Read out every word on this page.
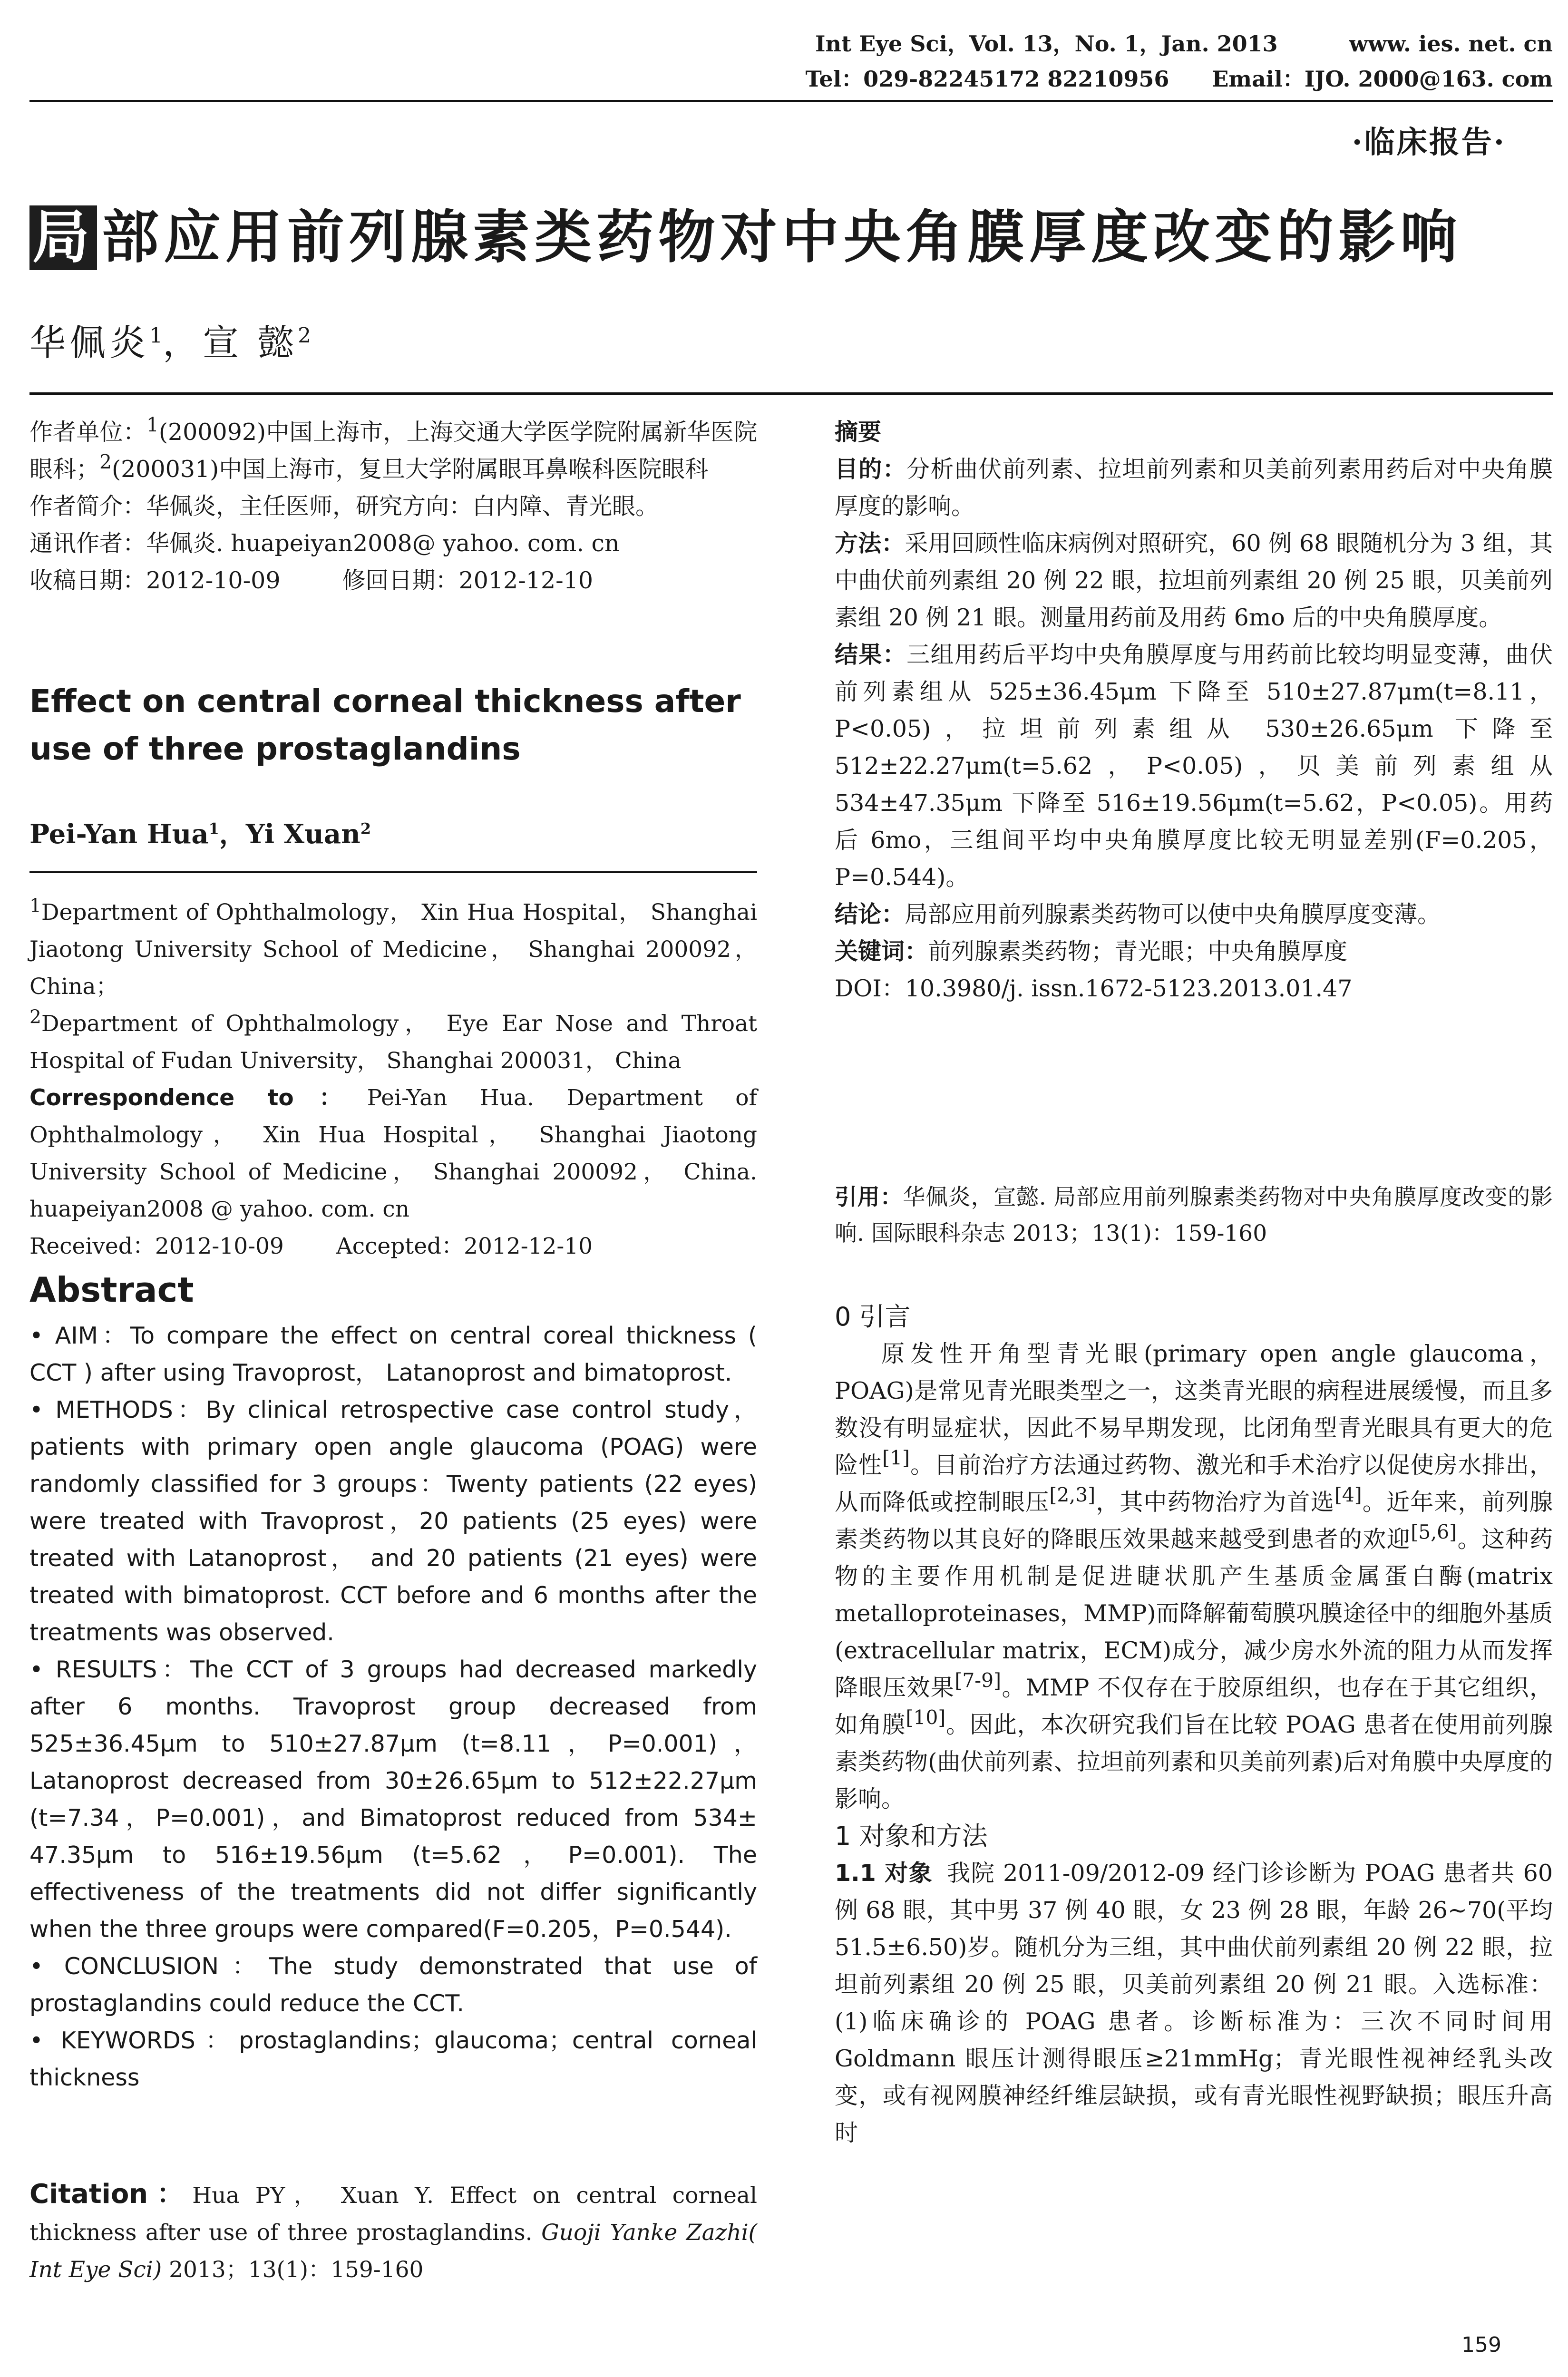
Int Eye Sci，Vol. 13，No. 1，Jan. 2013	www. ies. net. cn
Tel：029-82245172 82210956 Email：IJO. 2000@163. com
·临床报告·
局 部应用前列腺素类药物对中央角膜厚度改变的影响
华佩炎$^1$，宣 懿$^2$
作者单位：$^1$(200092)中国上海市，上海交通大学医学院附属新华医院眼科；$^2$(200031)中国上海市，复旦大学附属眼耳鼻喉科医院眼科
作者简介：华佩炎，主任医师，研究方向：白内障、青光眼。
通讯作者：华佩炎. huapeiyan2008@ yahoo. com. cn
收稿日期：2012-10-09	修回日期：2012-12-10
Effect on central corneal thickness after use of three prostaglandins
Pei-Yan Hua$^1$，Yi Xuan$^2$
$^1$Department of Ophthalmology， Xin Hua Hospital， Shanghai Jiaotong University School of Medicine， Shanghai 200092， China；
$^2$Department of Ophthalmology， Eye Ear Nose and Throat Hospital of Fudan University， Shanghai 200031， China
Correspondence to：Pei-Yan Hua. Department of Ophthalmology， Xin Hua Hospital， Shanghai Jiaotong University School of Medicine， Shanghai 200092， China. huapeiyan2008 @ yahoo. com. cn
Received：2012-10-09 Accepted：2012-12-10
Abstract

• AIM：To compare the effect on central coreal thickness ( CCT ) after using Travoprost， Latanoprost and bimatoprost.

• METHODS：By clinical retrospective case control study， patients with primary open angle glaucoma (POAG) were randomly classified for 3 groups：Twenty patients (22 eyes) were treated with Travoprost，20 patients (25 eyes) were treated with Latanoprost， and 20 patients (21 eyes) were treated with bimatoprost. CCT before and 6 months after the treatments was observed.

• RESULTS：The CCT of 3 groups had decreased markedly after 6 months. Travoprost group decreased from 525±36.45μm to 510±27.87μm (t=8.11，P=0.001)，Latanoprost decreased from 30±26.65μm to 512±22.27μm (t=7.34，P=0.001)，and Bimatoprost reduced from 534± 47.35μm to 516±19.56μm (t=5.62，P=0.001). The effectiveness of the treatments did not differ significantly when the three groups were compared(F=0.205，P=0.544).

• CONCLUSION：The study demonstrated that use of prostaglandins could reduce the CCT.

• KEYWORDS：prostaglandins；glaucoma；central corneal thickness

Citation：Hua PY， Xuan Y. Effect on central corneal thickness after use of three prostaglandins. Guoji Yanke Zazhi( Int Eye Sci) 2013；13(1)：159-160

摘要

目的：分析曲伏前列素、拉坦前列素和贝美前列素用药后对中央角膜厚度的影响。

方法：采用回顾性临床病例对照研究，60 例 68 眼随机分为 3 组，其中曲伏前列素组 20 例 22 眼，拉坦前列素组 20 例 25 眼，贝美前列素组 20 例 21 眼。测量用药前及用药 6mo 后的中央角膜厚度。

结果：三组用药后平均中央角膜厚度与用药前比较均明显变薄，曲伏前列素组从 525±36.45μm 下降至 510±27.87μm(t=8.11，P<0.05)，拉坦前列素组从 530±26.65μm 下降至 512±22.27μm(t=5.62，P<0.05)，贝美前列素组从 534±47.35μm 下降至 516±19.56μm(t=5.62，P<0.05)。用药后 6mo，三组间平均中央角膜厚度比较无明显差别(F=0.205，P=0.544)。

结论：局部应用前列腺素类药物可以使中央角膜厚度变薄。

关键词：前列腺素类药物；青光眼；中央角膜厚度

DOI：10.3980/j. issn.1672-5123.2013.01.47

引用：华佩炎，宣懿. 局部应用前列腺素类药物对中央角膜厚度改变的影响. 国际眼科杂志 2013；13(1)：159-160

0 引言

原发性开角型青光眼(primary open angle glaucoma，POAG)是常见青光眼类型之一，这类青光眼的病程进展缓慢，而且多数没有明显症状，因此不易早期发现，比闭角型青光眼具有更大的危险性[1]。目前治疗方法通过药物、激光和手术治疗以促使房水排出，从而降低或控制眼压[2,3]，其中药物治疗为首选[4]。近年来，前列腺素类药物以其良好的降眼压效果越来越受到患者的欢迎[5,6]。这种药物的主要作用机制是促进睫状肌产生基质金属蛋白酶(matrix metalloproteinases，MMP)而降解葡萄膜巩膜途径中的细胞外基质(extracellular matrix，ECM)成分，减少房水外流的阻力从而发挥降眼压效果[7-9]。MMP 不仅存在于胶原组织，也存在于其它组织，如角膜[10]。因此，本次研究我们旨在比较 POAG 患者在使用前列腺素类药物(曲伏前列素、拉坦前列素和贝美前列素)后对角膜中央厚度的影响。

1 对象和方法

1.1 对象 我院 2011-09/2012-09 经门诊诊断为 POAG 患者共 60 例 68 眼，其中男 37 例 40 眼，女 23 例 28 眼，年龄 26~70(平均 51.5±6.50)岁。随机分为三组，其中曲伏前列素组 20 例 22 眼，拉坦前列素组 20 例 25 眼，贝美前列素组 20 例 21 眼。入选标准：(1)临床确诊的 POAG 患者。诊断标准为：三次不同时间用 Goldmann 眼压计测得眼压≥21mmHg；青光眼性视神经乳头改变，或有视网膜神经纤维层缺损，或有青光眼性视野缺损；眼压升高时

159
